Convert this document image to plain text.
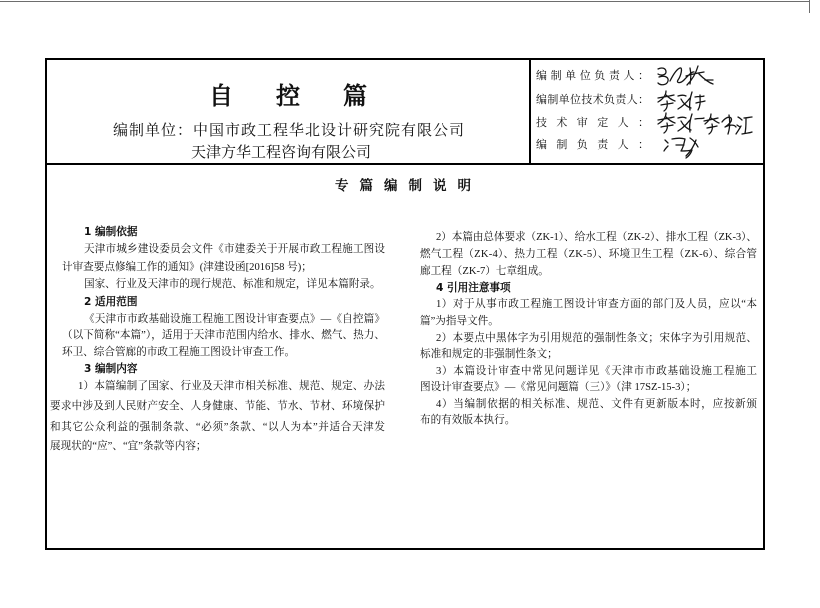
自控篇
编制单位：中国市政工程华北设计研究院有限公司
天津方华工程咨询有限公司
编制单位负责人：
编制单位技术负责人：
技术审定人：
编制负责人：
专篇编制说明
1 编制依据
天津市城乡建设委员会文件《市建委关于开展市政工程施工图设
计审查要点修编工作的通知》(津建设函[2016]58 号)；
国家、行业及天津市的现行规范、标准和规定，详见本篇附录。
2 适用范围
《天津市市政基础设施工程施工图设计审查要点》—《自控篇》
（以下简称“本篇”），适用于天津市范围内给水、排水、燃气、热力、
环卫、综合管廊的市政工程施工图设计审查工作。
3 编制内容
1）本篇编制了国家、行业及天津市相关标准、规范、规定、办法
要求中涉及到人民财产安全、人身健康、节能、节水、节材、环境保护
和其它公众利益的强制条款、“必须”条款、“以人为本”并适合天津发
展现状的“应”、“宜”条款等内容；
2）本篇由总体要求（ZK-1）、给水工程（ZK-2）、排水工程（ZK-3）、
燃气工程（ZK-4）、热力工程（ZK-5）、环境卫生工程（ZK-6）、综合管
廊工程（ZK-7）七章组成。
4 引用注意事项
1）对于从事市政工程施工图设计审查方面的部门及人员，应以“本
篇”为指导文件。
2）本要点中黑体字为引用规范的强制性条文；宋体字为引用规范、
标准和规定的非强制性条文；
3）本篇设计审查中常见问题详见《天津市市政基础设施工程施工
图设计审查要点》—《常见问题篇（三）》（津 17SZ-15-3）；
4）当编制依据的相关标准、规范、文件有更新版本时，应按新颁
布的有效版本执行。
